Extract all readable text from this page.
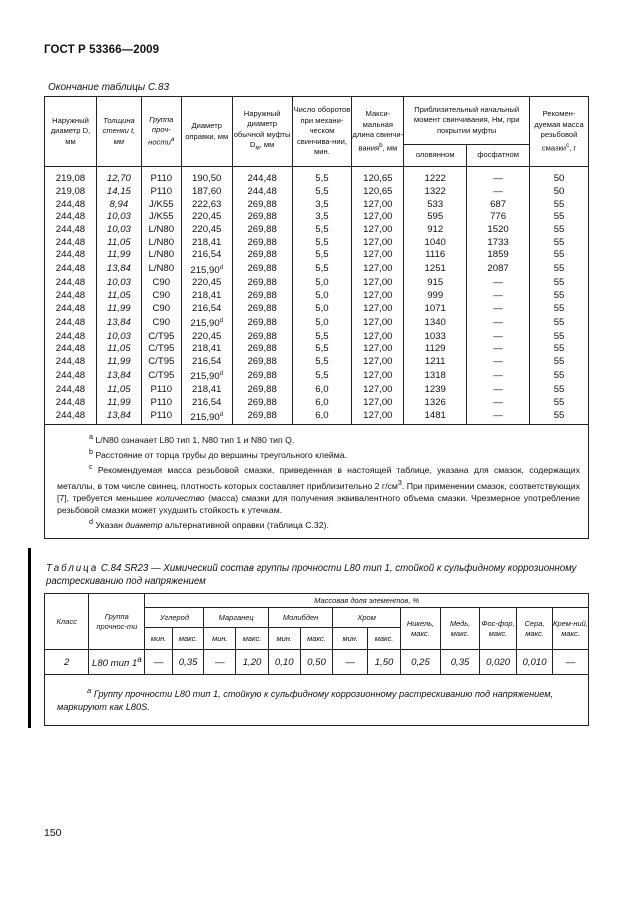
ГОСТ Р 53366—2009
Окончание таблицы С.83
Наружный диаметр D, мм	Толщина стенки t, мм	Группа проч-ности$^a$	Диаметр оправки, мм	Наружный диаметр обычной муфты $D_м$, мм	Число оборотов при механи-ческом свинчива-нии, мин.	Макси-мальная длина свинчи-вания$^b$, мм	Приблизительный начальный момент свинчивания, Нм, при покрытии муфты		Рекомен-дуемая масса резьбовой смазки$^c$, г
							оловянном	фосфатном	

219,08	12,70	P110	190,50	244,48	5,5	120,65	1222	—	50
219,08	14,15	P110	187,60	244,48	5,5	120,65	1322	—	50
244,48	8,94	J/K55	222,63	269,88	3,5	127,00	533	687	55
244,48	10,03	J/K55	220,45	269,88	3,5	127,00	595	776	55
244,48	10,03	L/N80	220,45	269,88	5,5	127,00	912	1520	55
244,48	11,05	L/N80	218,41	269,88	5,5	127,00	1040	1733	55
244,48	11,99	L/N80	216,54	269,88	5,5	127,00	1116	1859	55
244,48	13,84	L/N80	215,90$^d$	269,88	5,5	127,00	1251	2087	55
244,48	10,03	C90	220,45	269,88	5,0	127,00	915	—	55
244,48	11,05	C90	218,41	269,88	5,0	127,00	999	—	55
244,48	11,99	C90	216,54	269,88	5,0	127,00	1071	—	55
244,48	13,84	C90	215,90$^d$	269,88	5,0	127,00	1340	—	55
244,48	10,03	C/T95	220,45	269,88	5,5	127,00	1033	—	55
244,48	11,05	C/T95	218,41	269,88	5,5	127,00	1129	—	55
244,48	11,99	C/T95	216,54	269,88	5,5	127,00	1211	—	55
244,48	13,84	C/T95	215,90$^d$	269,88	5,5	127,00	1318	—	55
244,48	11,05	P110	218,41	269,88	6,0	127,00	1239	—	55
244,48	11,99	P110	216,54	269,88	6,0	127,00	1326	—	55
244,48	13,84	P110	215,90$^d$	269,88	6,0	127,00	1481	—	55

$^a$ L/N80 означает L80 тип 1, N80 тип 1 и N80 тип Q.

$^b$ Расстояние от торца трубы до вершины треугольного клейма.

$^c$ Рекомендуемая масса резьбовой смазки, приведенная в настоящей таблице, указана для смазок, содержащих металлы, в том числе свинец, плотность которых составляет приблизительно 2 $г/см^3$. При применении смазок, соответствующих [7], требуется меньшее количество (масса) смазки для получения эквивалентного объема смазки. Чрезмерное употребление резьбовой смазки может ухудшить стойкость к утечкам.

$^d$ Указан диаметр альтернативной оправки (таблица С.32).									

Таблица С.84 SR23 — Химический состав группы прочности L80 тип 1, стойкой к сульфидному коррозионному растрескиванию под напряжением
Класс	Группа прочнос-ти	Массовая доля элементов, %												
		Углерод		Марганец		Молибден		Хром		Никель, макс.	Медь, макс.	Фос-фор, макс.	Сера, макс.	Крем-ний, макс.
		мин.	макс.	мин.	макс.	мин.	макс.	мин.	макс.					
2	L80 тип 1$^a$	—	0,35	—	1,20	0,10	0,50	—	1,50	0,25	0,35	0,020	0,010	—
$^a$ Группу прочности L80 тип 1, стойкую к сульфидному коррозионному растрескиванию под напряжением, маркируют как L80S.														
150
